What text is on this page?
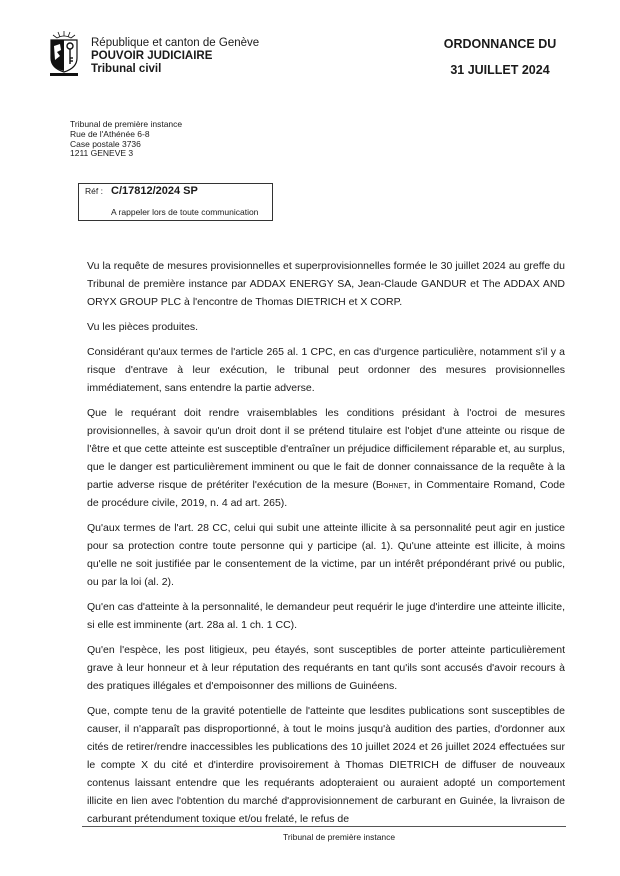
République et canton de Genève
POUVOIR JUDICIAIRE
Tribunal civil
ORDONNANCE DU
31 JUILLET 2024
Tribunal de première instance
Rue de l'Athénée 6-8
Case postale 3736
1211 GENEVE 3
Réf : C/17812/2024 SP
A rappeler lors de toute communication

Vu la requête de mesures provisionnelles et superprovisionnelles formée le 30 juillet 2024 au greffe du Tribunal de première instance par ADDAX ENERGY SA, Jean-Claude GANDUR et The ADDAX AND ORYX GROUP PLC à l'encontre de Thomas DIETRICH et X CORP.

Vu les pièces produites.

Considérant qu'aux termes de l'article 265 al. 1 CPC, en cas d'urgence particulière, notamment s'il y a risque d'entrave à leur exécution, le tribunal peut ordonner des mesures provisionnelles immédiatement, sans entendre la partie adverse.

Que le requérant doit rendre vraisemblables les conditions présidant à l'octroi de mesures provisionnelles, à savoir qu'un droit dont il se prétend titulaire est l'objet d'une atteinte ou risque de l'être et que cette atteinte est susceptible d'entraîner un préjudice difficilement réparable et, au surplus, que le danger est particulièrement imminent ou que le fait de donner connaissance de la requête à la partie adverse risque de prétériter l'exécution de la mesure (Bohnet, in Commentaire Romand, Code de procédure civile, 2019, n. 4 ad art. 265).

Qu'aux termes de l'art. 28 CC, celui qui subit une atteinte illicite à sa personnalité peut agir en justice pour sa protection contre toute personne qui y participe (al. 1). Qu'une atteinte est illicite, à moins qu'elle ne soit justifiée par le consentement de la victime, par un intérêt prépondérant privé ou public, ou par la loi (al. 2).

Qu'en cas d'atteinte à la personnalité, le demandeur peut requérir le juge d'interdire une atteinte illicite, si elle est imminente (art. 28a al. 1 ch. 1 CC).

Qu'en l'espèce, les post litigieux, peu étayés, sont susceptibles de porter atteinte particulièrement grave à leur honneur et à leur réputation des requérants en tant qu'ils sont accusés d'avoir recours à des pratiques illégales et d'empoisonner des millions de Guinéens.

Que, compte tenu de la gravité potentielle de l'atteinte que lesdites publications sont susceptibles de causer, il n'apparaît pas disproportionné, à tout le moins jusqu'à audition des parties, d'ordonner aux cités de retirer/rendre inaccessibles les publications des 10 juillet 2024 et 26 juillet 2024 effectuées sur le compte X du cité et d'interdire provisoirement à Thomas DIETRICH de diffuser de nouveaux contenus laissant entendre que les requérants adopteraient ou auraient adopté un comportement illicite en lien avec l'obtention du marché d'approvisionnement de carburant en Guinée, la livraison de carburant prétendument toxique et/ou frelaté, le refus de

Tribunal de première instance
